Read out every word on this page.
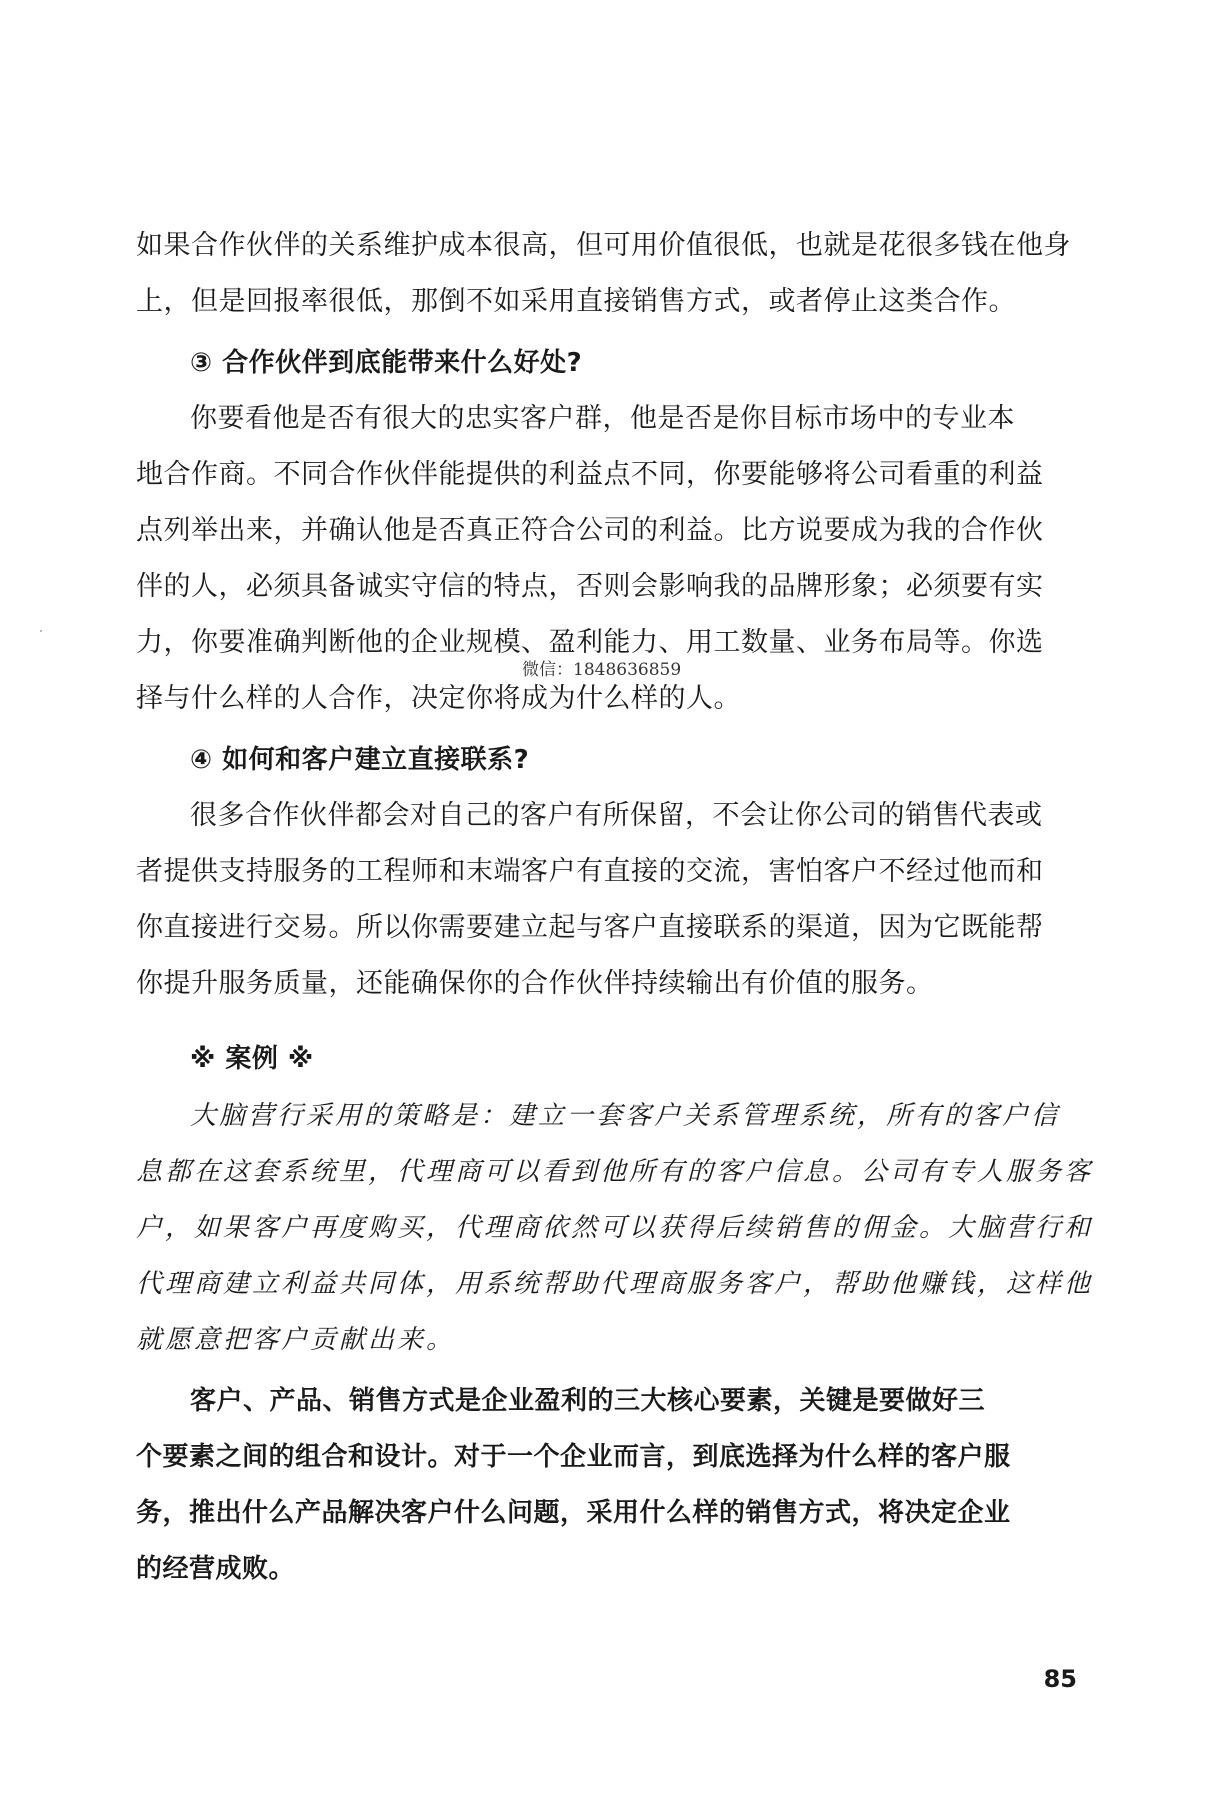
如果合作伙伴的关系维护成本很高，但可用价值很低，也就是花很多钱在他身
上，但是回报率很低，那倒不如采用直接销售方式，或者停止这类合作。
③ 合作伙伴到底能带来什么好处?
你要看他是否有很大的忠实客户群，他是否是你目标市场中的专业本
地合作商。不同合作伙伴能提供的利益点不同，你要能够将公司看重的利益
点列举出来，并确认他是否真正符合公司的利益。比方说要成为我的合作伙
伴的人，必须具备诚实守信的特点，否则会影响我的品牌形象；必须要有实
力，你要准确判断他的企业规模、盈利能力、用工数量、业务布局等。你选
择与什么样的人合作，决定你将成为什么样的人。
微信：1848636859
④ 如何和客户建立直接联系?
很多合作伙伴都会对自己的客户有所保留，不会让你公司的销售代表或
者提供支持服务的工程师和末端客户有直接的交流，害怕客户不经过他而和
你直接进行交易。所以你需要建立起与客户直接联系的渠道，因为它既能帮
你提升服务质量，还能确保你的合作伙伴持续输出有价值的服务。
※ 案例 ※
大脑营行采用的策略是：建立一套客户关系管理系统，所有的客户信
息都在这套系统里，代理商可以看到他所有的客户信息。公司有专人服务客
户，如果客户再度购买，代理商依然可以获得后续销售的佣金。大脑营行和
代理商建立利益共同体，用系统帮助代理商服务客户，帮助他赚钱，这样他
就愿意把客户贡献出来。
客户、产品、销售方式是企业盈利的三大核心要素，关键是要做好三
个要素之间的组合和设计。对于一个企业而言，到底选择为什么样的客户服
务，推出什么产品解决客户什么问题，采用什么样的销售方式，将决定企业
的经营成败。
85
